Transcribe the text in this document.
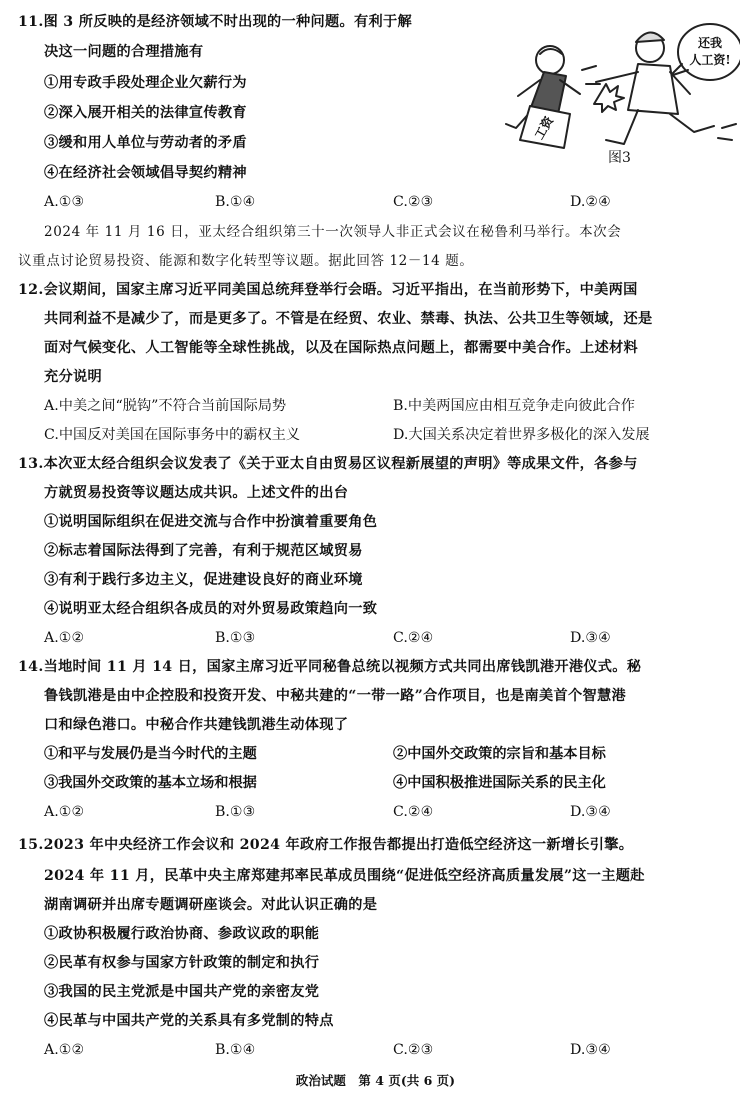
11.图 3 所反映的是经济领域不时出现的一种问题。有利于解
决这一问题的合理措施有
①用专政手段处理企业欠薪行为
②深入展开相关的法律宣传教育
③缓和用人单位与劳动者的矛盾
④在经济社会领域倡导契约精神
A.①③	B.①④	C.②③	D.②④
还我
人工资!
工资
图3
2024 年 11 月 16 日，亚太经合组织第三十一次领导人非正式会议在秘鲁利马举行。本次会
议重点讨论贸易投资、能源和数字化转型等议题。据此回答 12－14 题。
12.会议期间，国家主席习近平同美国总统拜登举行会晤。习近平指出，在当前形势下，中美两国
共同利益不是减少了，而是更多了。不管是在经贸、农业、禁毒、执法、公共卫生等领域，还是
面对气候变化、人工智能等全球性挑战，以及在国际热点问题上，都需要中美合作。上述材料
充分说明
A.中美之间“脱钩”不符合当前国际局势	B.中美两国应由相互竞争走向彼此合作
C.中国反对美国在国际事务中的霸权主义	D.大国关系决定着世界多极化的深入发展
13.本次亚太经合组织会议发表了《关于亚太自由贸易区议程新展望的声明》等成果文件，各参与
方就贸易投资等议题达成共识。上述文件的出台
①说明国际组织在促进交流与合作中扮演着重要角色
②标志着国际法得到了完善，有利于规范区域贸易
③有利于践行多边主义，促进建设良好的商业环境
④说明亚太经合组织各成员的对外贸易政策趋向一致
A.①②	B.①③	C.②④	D.③④
14.当地时间 11 月 14 日，国家主席习近平同秘鲁总统以视频方式共同出席钱凯港开港仪式。秘
鲁钱凯港是由中企控股和投资开发、中秘共建的“一带一路”合作项目，也是南美首个智慧港
口和绿色港口。中秘合作共建钱凯港生动体现了
①和平与发展仍是当今时代的主题	②中国外交政策的宗旨和基本目标
③我国外交政策的基本立场和根据	④中国积极推进国际关系的民主化
A.①②	B.①③	C.②④	D.③④
15.2023 年中央经济工作会议和 2024 年政府工作报告都提出打造低空经济这一新增长引擎。
2024 年 11 月，民革中央主席郑建邦率民革成员围绕“促进低空经济高质量发展”这一主题赴
湖南调研并出席专题调研座谈会。对此认识正确的是
①政协积极履行政治协商、参政议政的职能
②民革有权参与国家方针政策的制定和执行
③我国的民主党派是中国共产党的亲密友党
④民革与中国共产党的关系具有多党制的特点
A.①②	B.①④	C.②③	D.③④
政治试题　第 4 页(共 6 页)
